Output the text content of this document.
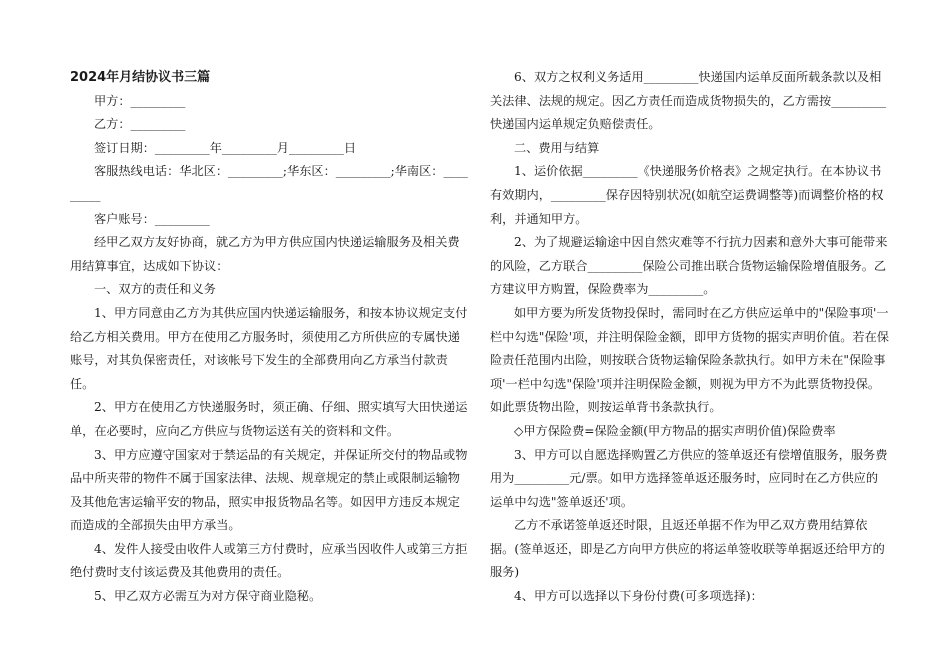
2024年月结协议书三篇

甲方：_________

乙方：_________

签订日期：_________年_________月_________日

客服热线电话：华北区：_________;华东区：_________;华南区：_________

客户账号：_________

经甲乙双方友好协商，就乙方为甲方供应国内快递运输服务及相关费用结算事宜，达成如下协议：

一、双方的责任和义务

1、甲方同意由乙方为其供应国内快递运输服务，和按本协议规定支付给乙方相关费用。甲方在使用乙方服务时，须使用乙方所供应的专属快递账号，对其负保密责任，对该帐号下发生的全部费用向乙方承当付款责任。

2、甲方在使用乙方快递服务时，须正确、仔细、照实填写大田快递运单，在必要时，应向乙方供应与货物运送有关的资料和文件。

3、甲方应遵守国家对于禁运品的有关规定，并保证所交付的物品或物品中所夹带的物件不属于国家法律、法规、规章规定的禁止或限制运输物及其他危害运输平安的物品，照实申报货物品名等。如因甲方违反本规定而造成的全部损失由甲方承当。

4、发件人接受由收件人或第三方付费时，应承当因收件人或第三方拒绝付费时支付该运费及其他费用的责任。

5、甲乙双方必需互为对方保守商业隐秘。

6、双方之权利义务适用_________快递国内运单反面所载条款以及相关法律、法规的规定。因乙方责任而造成货物损失的，乙方需按_________快递国内运单规定负赔偿责任。

二、费用与结算

1、运价依据_________《快递服务价格表》之规定执行。在本协议书有效期内，_________保存因特别状况(如航空运费调整等)而调整价格的权利，并通知甲方。

2、为了规避运输途中因自然灾难等不行抗力因素和意外大事可能带来的风险，乙方联合_________保险公司推出联合货物运输保险增值服务。乙方建议甲方购置，保险费率为_________。

如甲方要为所发货物投保时，需同时在乙方供应运单中的"保险事项'一栏中勾选"保险'项，并注明保险金额，即甲方货物的据实声明价值。若在保险责任范围内出险，则按联合货物运输保险条款执行。如甲方未在"保险事项'一栏中勾选"保险'项并注明保险金额，则视为甲方不为此票货物投保。如此票货物出险，则按运单背书条款执行。

◇甲方保险费=保险金额(甲方物品的据实声明价值)保险费率

3、甲方可以自愿选择购置乙方供应的签单返还有偿增值服务，服务费用为_________元/票。如甲方选择签单返还服务时，应同时在乙方供应的运单中勾选"签单返还'项。

乙方不承诺签单返还时限，且返还单据不作为甲乙双方费用结算依据。(签单返还，即是乙方向甲方供应的将运单签收联等单据返还给甲方的服务)

4、甲方可以选择以下身份付费(可多项选择)：
